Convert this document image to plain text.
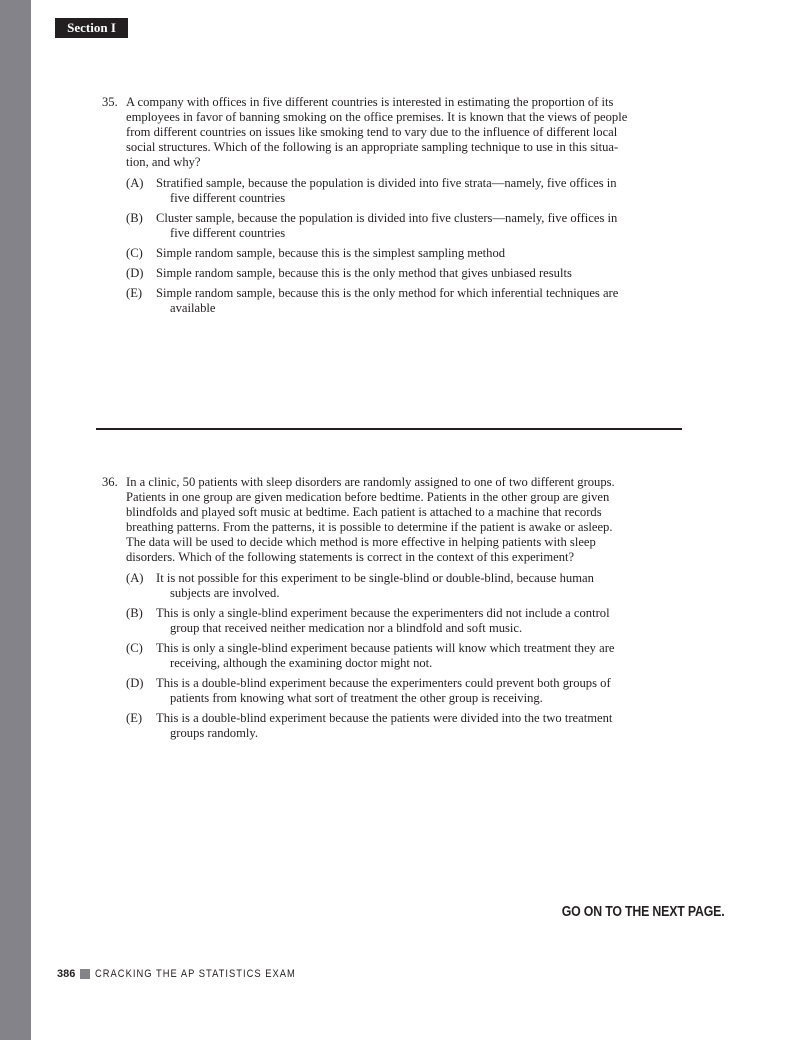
Section I
35. A company with offices in five different countries is interested in estimating the proportion of its
employees in favor of banning smoking on the office premises. It is known that the views of people
from different countries on issues like smoking tend to vary due to the influence of different local
social structures. Which of the following is an appropriate sampling technique to use in this situa-
tion, and why?
(A) Stratified sample, because the population is divided into five strata—namely, five offices in
five different countries
(B) Cluster sample, because the population is divided into five clusters—namely, five offices in
five different countries
(C) Simple random sample, because this is the simplest sampling method
(D) Simple random sample, because this is the only method that gives unbiased results
(E) Simple random sample, because this is the only method for which inferential techniques are
available
36. In a clinic, 50 patients with sleep disorders are randomly assigned to one of two different groups.
Patients in one group are given medication before bedtime. Patients in the other group are given
blindfolds and played soft music at bedtime. Each patient is attached to a machine that records
breathing patterns. From the patterns, it is possible to determine if the patient is awake or asleep.
The data will be used to decide which method is more effective in helping patients with sleep
disorders. Which of the following statements is correct in the context of this experiment?
(A) It is not possible for this experiment to be single-blind or double-blind, because human
subjects are involved.
(B) This is only a single-blind experiment because the experimenters did not include a control
group that received neither medication nor a blindfold and soft music.
(C) This is only a single-blind experiment because patients will know which treatment they are
receiving, although the examining doctor might not.
(D) This is a double-blind experiment because the experimenters could prevent both groups of
patients from knowing what sort of treatment the other group is receiving.
(E) This is a double-blind experiment because the patients were divided into the two treatment
groups randomly.
GO ON TO THE NEXT PAGE.
386 CRACKING THE AP STATISTICS EXAM
